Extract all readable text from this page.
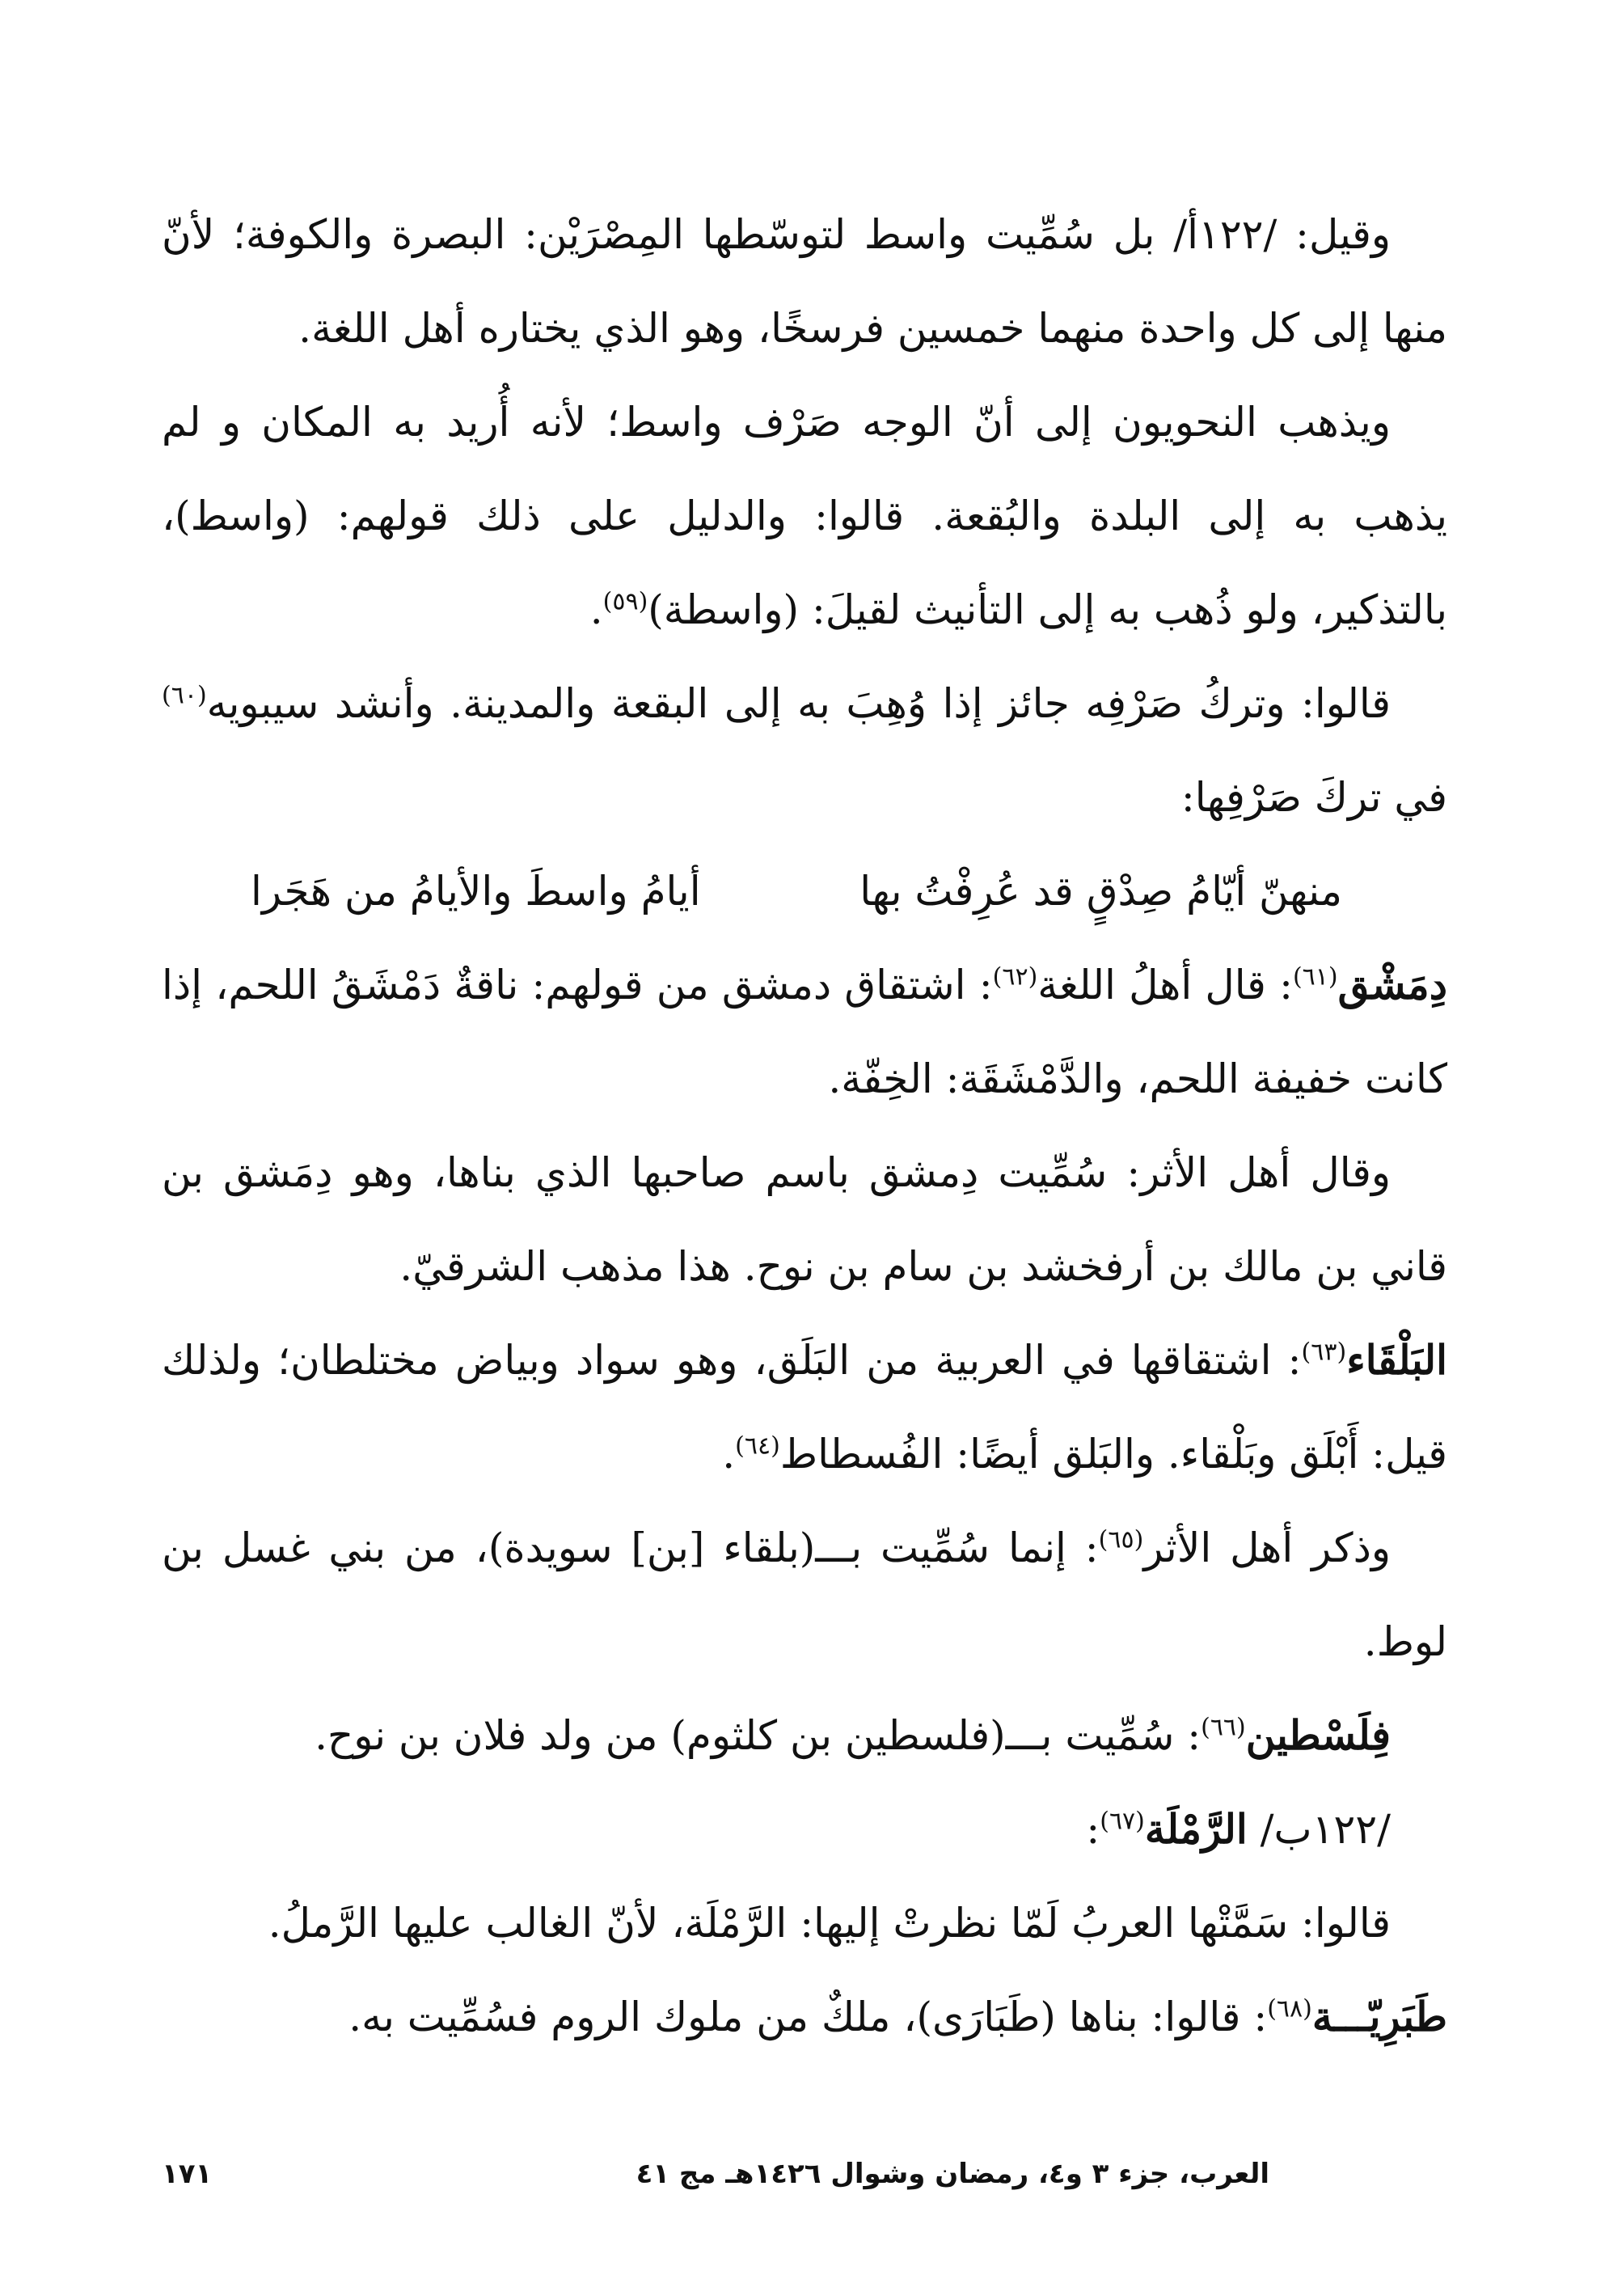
وقيل: /١٢٢أ/ بل سُمِّيت واسط لتوسّطها المِصْرَيْن: البصرة والكوفة؛ لأنّ منها إلى كل واحدة منهما خمسين فرسخًا، وهو الذي يختاره أهل اللغة.

ويذهب النحويون إلى أنّ الوجه صَرْف واسط؛ لأنه أُريد به المكان و لم يذهب به إلى البلدة والبُقعة. قالوا: والدليل على ذلك قولهم: (واسط)، بالتذكير، ولو ذُهب به إلى التأنيث لقيلَ: (واسطة)$^{(٥٩)}$.

قالوا: وتركُ صَرْفِه جائز إذا وُهِبَ به إلى البقعة والمدينة. وأنشد سيبويه$^{(٦٠)}$ في تركَ صَرْفِها:

منهنّ أيّامُ صِدْقٍ قد عُرِفْتُ بها
أيامُ واسطَ والأيامُ من هَجَرا

دِمَشْق$^{(٦١)}$: قال أهلُ اللغة$^{(٦٢)}$: اشتقاق دمشق من قولهم: ناقةٌ دَمْشَقُ اللحم، إذا كانت خفيفة اللحم، والدَّمْشَقَة: الخِفّة.

وقال أهل الأثر: سُمِّيت دِمشق باسم صاحبها الذي بناها، وهو دِمَشق بن قاني بن مالك بن أرفخشد بن سام بن نوح. هذا مذهب الشرقيّ.

البَلْقَاء$^{(٦٣)}$: اشتقاقها في العربية من البَلَق، وهو سواد وبياض مختلطان؛ ولذلك قيل: أَبْلَق وبَلْقاء. والبَلق أيضًا: الفُسطاط$^{(٦٤)}$.

وذكر أهل الأثر$^{(٦٥)}$: إنما سُمِّيت بـــ(بلقاء [بن] سويدة)، من بني غسل بن لوط.

فِلَسْطين$^{(٦٦)}$: سُمِّيت بـــ(فلسطين بن كلثوم) من ولد فلان بن نوح.

/١٢٢ب/ الرَّمْلَة$^{(٦٧)}$:

قالوا: سَمَّتْها العربُ لَمّا نظرتْ إليها: الرَّمْلَة، لأنّ الغالب عليها الرَّملُ.

طَبَرِيّـــة$^{(٦٨)}$: قالوا: بناها (طَبَارَى)، ملكٌ من ملوك الروم فسُمِّيت به.

العرب، جزء ٣ و٤، رمضان وشوال ١٤٢٦هـ مج ٤١
١٧١
